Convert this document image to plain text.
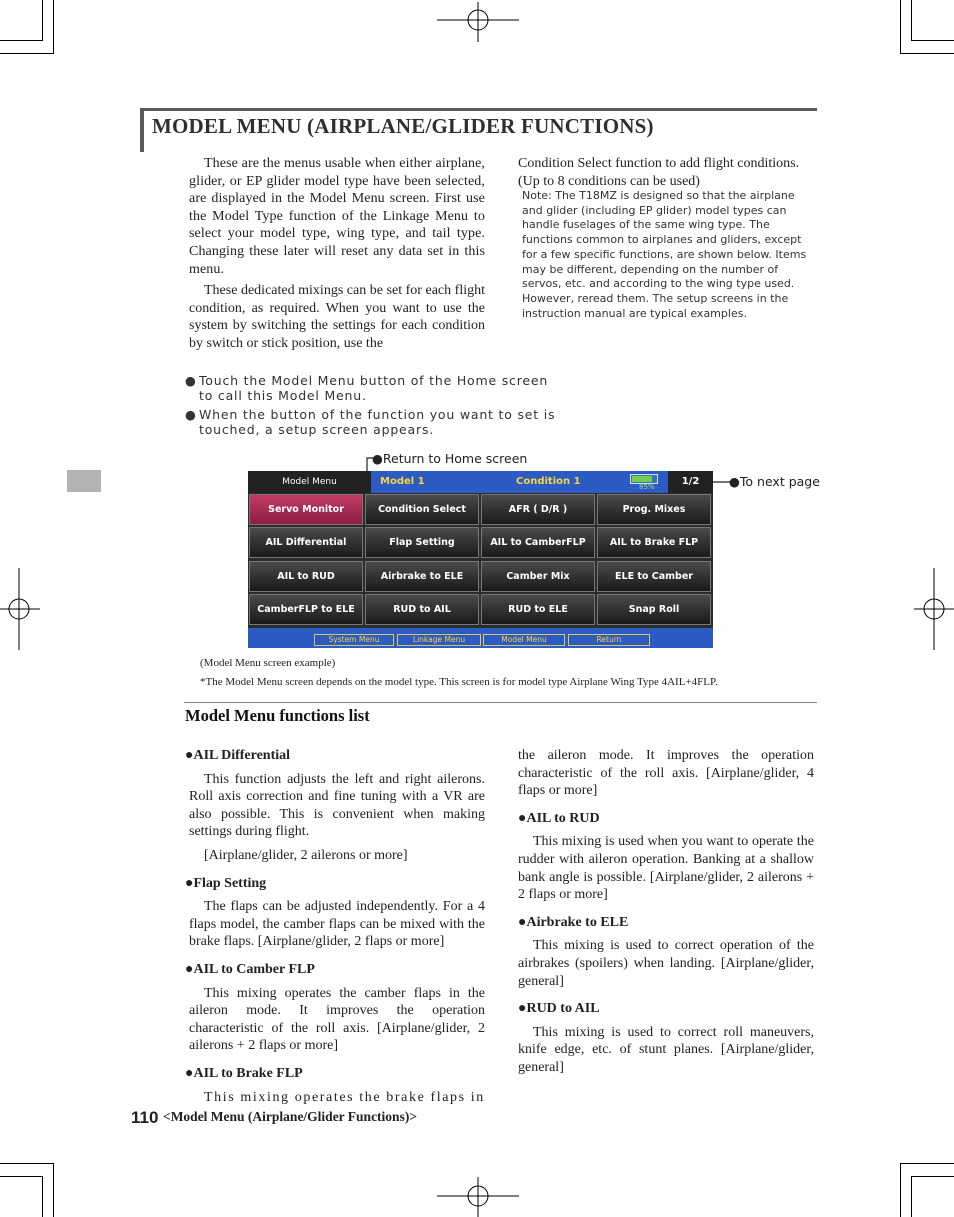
MODEL MENU (AIRPLANE/GLIDER FUNCTIONS)

These are the menus usable when either airplane, glider, or EP glider model type have been selected, are displayed in the Model Menu screen. First use the Model Type function of the Linkage Menu to select your model type, wing type, and tail type. Changing these later will reset any data set in this menu.

These dedicated mixings can be set for each flight condition, as required. When you want to use the system by switching the settings for each condition by switch or stick position, use the

Condition Select function to add flight conditions. (Up to 8 conditions can be used)
Note: The T18MZ is designed so that the airplane and glider (including EP glider) model types can handle fuselages of the same wing type. The functions common to airplanes and gliders, except for a few specific functions, are shown below. Items may be different, depending on the number of servos, etc. and according to the wing type used. However, reread them. The setup screens in the instruction manual are typical examples.
● Touch the Model Menu button of the Home screen to call this Model Menu.
● When the button of the function you want to set is touched, a setup screen appears.
●Return to Home screen
●To next page
Model Menu	Model 1	Condition 1	85%	1/2
Servo Monitor	Condition Select	AFR ( D/R )	Prog. Mixes
AIL Differential	Flap Setting	AIL to CamberFLP	AIL to Brake FLP
AIL to RUD	Airbrake to ELE	Camber Mix	ELE to Camber
CamberFLP to ELE	RUD to AIL	RUD to ELE	Snap Roll
System Menu	Linkage Menu	Model Menu	Return
(Model Menu screen example)
*The Model Menu screen depends on the model type. This screen is for model type Airplane Wing Type 4AIL+4FLP.
Model Menu functions list
●AIL Differential

This function adjusts the left and right ailerons. Roll axis correction and fine tuning with a VR are also possible. This is convenient when making settings during flight.

[Airplane/glider, 2 ailerons or more]

●Flap Setting

The flaps can be adjusted independently. For a 4 flaps model, the camber flaps can be mixed with the brake flaps. [Airplane/glider, 2 flaps or more]

●AIL to Camber FLP

This mixing operates the camber flaps in the aileron mode. It improves the operation characteristic of the roll axis. [Airplane/glider, 2 ailerons + 2 flaps or more]

●AIL to Brake FLP

This mixing operates the brake flaps in

the aileron mode. It improves the operation characteristic of the roll axis. [Airplane/glider, 4 flaps or more]

●AIL to RUD

This mixing is used when you want to operate the rudder with aileron operation. Banking at a shallow bank angle is possible. [Airplane/glider, 2 ailerons + 2 flaps or more]

●Airbrake to ELE

This mixing is used to correct operation of the airbrakes (spoilers) when landing. [Airplane/glider, general]

●RUD to AIL

This mixing is used to correct roll maneuvers, knife edge, etc. of stunt planes. [Airplane/glider, general]

110 <Model Menu (Airplane/Glider Functions)>
